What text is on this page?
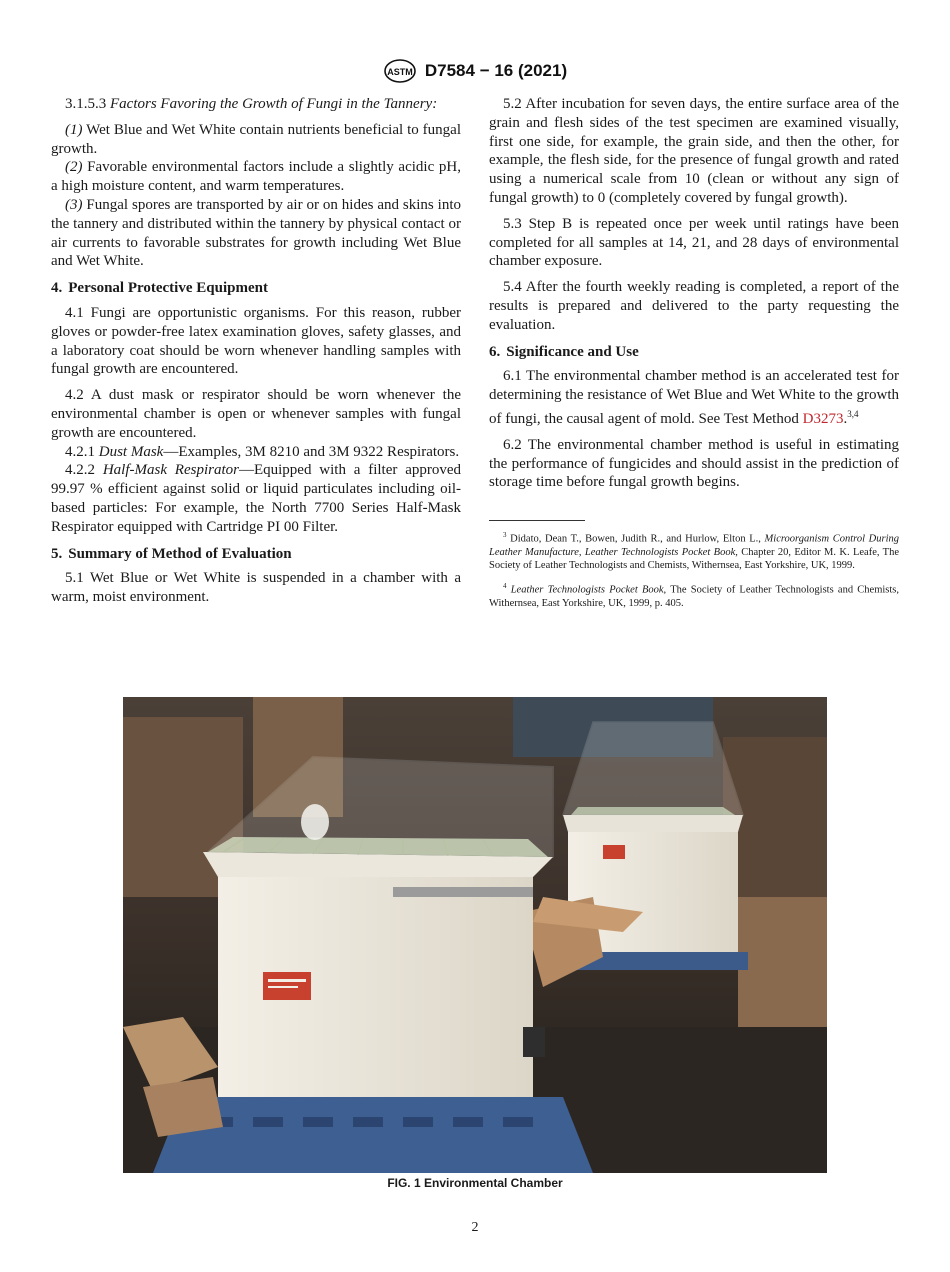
ASTM D7584 − 16 (2021)

3.1.5.3 Factors Favoring the Growth of Fungi in the Tannery:

(1) Wet Blue and Wet White contain nutrients beneficial to fungal growth.

(2) Favorable environmental factors include a slightly acidic pH, a high moisture content, and warm temperatures.

(3) Fungal spores are transported by air or on hides and skins into the tannery and distributed within the tannery by physical contact or air currents to favorable substrates for growth including Wet Blue and Wet White.

4. Personal Protective Equipment

4.1 Fungi are opportunistic organisms. For this reason, rubber gloves or powder-free latex examination gloves, safety glasses, and a laboratory coat should be worn whenever handling samples with fungal growth are encountered.

4.2 A dust mask or respirator should be worn whenever the environmental chamber is open or whenever samples with fungal growth are encountered.

4.2.1 Dust Mask—Examples, 3M 8210 and 3M 9322 Respirators.

4.2.2 Half-Mask Respirator—Equipped with a filter approved 99.97 % efficient against solid or liquid particulates including oil-based particles: For example, the North 7700 Series Half-Mask Respirator equipped with Cartridge PI 00 Filter.

5. Summary of Method of Evaluation

5.1 Wet Blue or Wet White is suspended in a chamber with a warm, moist environment.

5.2 After incubation for seven days, the entire surface area of the grain and flesh sides of the test specimen are examined visually, first one side, for example, the grain side, and then the other, for example, the flesh side, for the presence of fungal growth and rated using a numerical scale from 10 (clean or without any sign of fungal growth) to 0 (completely covered by fungal growth).

5.3 Step B is repeated once per week until ratings have been completed for all samples at 14, 21, and 28 days of environmental chamber exposure.

5.4 After the fourth weekly reading is completed, a report of the results is prepared and delivered to the party requesting the evaluation.

6. Significance and Use

6.1 The environmental chamber method is an accelerated test for determining the resistance of Wet Blue and Wet White to the growth of fungi, the causal agent of mold. See Test Method D3273.$^{3,4}$

6.2 The environmental chamber method is useful in estimating the performance of fungicides and should assist in the prediction of storage time before fungal growth begins.

$^3$ Didato, Dean T., Bowen, Judith R., and Hurlow, Elton L., Microorganism Control During Leather Manufacture, Leather Technologists Pocket Book, Chapter 20, Editor M. K. Leafe, The Society of Leather Technologists and Chemists, Withernsea, East Yorkshire, UK, 1999.

$^4$ Leather Technologists Pocket Book, The Society of Leather Technologists and Chemists, Withernsea, East Yorkshire, UK, 1999, p. 405.

FIG. 1 Environmental Chamber
2
